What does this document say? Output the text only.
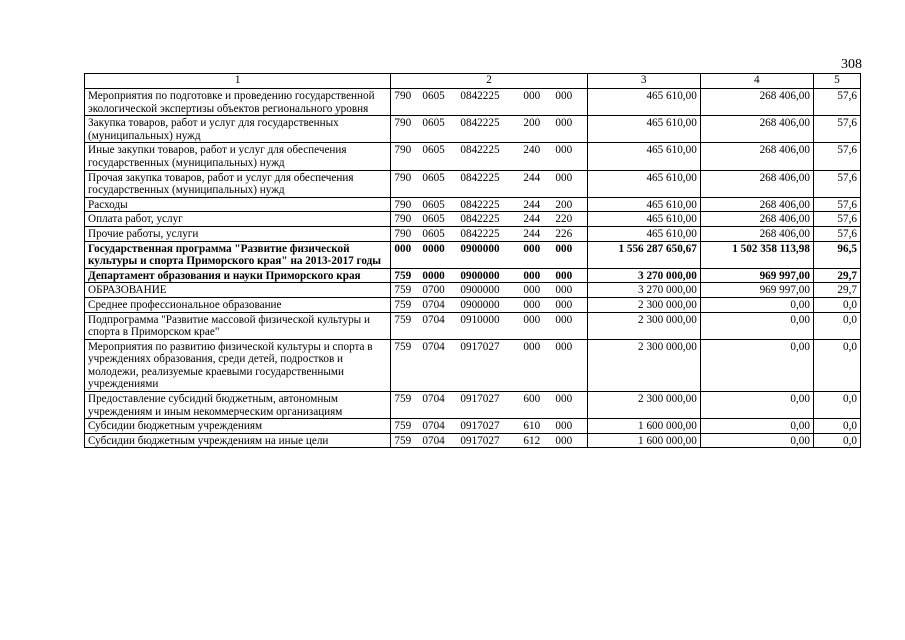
308
1	2	3	4	5
Мероприятия по подготовке и проведению государственной экологической экспертизы объектов регионального уровня	790 0605 0842225 000 000	465 610,00	268 406,00	57,6
Закупка товаров, работ и услуг для государственных (муниципальных) нужд	790 0605 0842225 200 000	465 610,00	268 406,00	57,6
Иные закупки товаров, работ и услуг для обеспечения государственных (муниципальных) нужд	790 0605 0842225 240 000	465 610,00	268 406,00	57,6
Прочая закупка товаров, работ и услуг для обеспечения государственных (муниципальных) нужд	790 0605 0842225 244 000	465 610,00	268 406,00	57,6
Расходы	790 0605 0842225 244 200	465 610,00	268 406,00	57,6
Оплата работ, услуг	790 0605 0842225 244 220	465 610,00	268 406,00	57,6
Прочие работы, услуги	790 0605 0842225 244 226	465 610,00	268 406,00	57,6
Государственная программа "Развитие физической культуры и спорта Приморского края" на 2013-2017 годы	000 0000 0900000 000 000	1 556 287 650,67	1 502 358 113,98	96,5
Департамент образования и науки Приморского края	759 0000 0900000 000 000	3 270 000,00	969 997,00	29,7
ОБРАЗОВАНИЕ	759 0700 0900000 000 000	3 270 000,00	969 997,00	29,7
Среднее профессиональное образование	759 0704 0900000 000 000	2 300 000,00	0,00	0,0
Подпрограмма "Развитие массовой физической культуры и спорта в Приморском крае"	759 0704 0910000 000 000	2 300 000,00	0,00	0,0
Мероприятия по развитию физической культуры и спорта в учреждениях образования, среди детей, подростков и молодежи, реализуемые краевыми государственными учреждениями	759 0704 0917027 000 000	2 300 000,00	0,00	0,0
Предоставление субсидий бюджетным, автономным учреждениям и иным некоммерческим организациям	759 0704 0917027 600 000	2 300 000,00	0,00	0,0
Субсидии бюджетным учреждениям	759 0704 0917027 610 000	1 600 000,00	0,00	0,0
Субсидии бюджетным учреждениям на иные цели	759 0704 0917027 612 000	1 600 000,00	0,00	0,0
